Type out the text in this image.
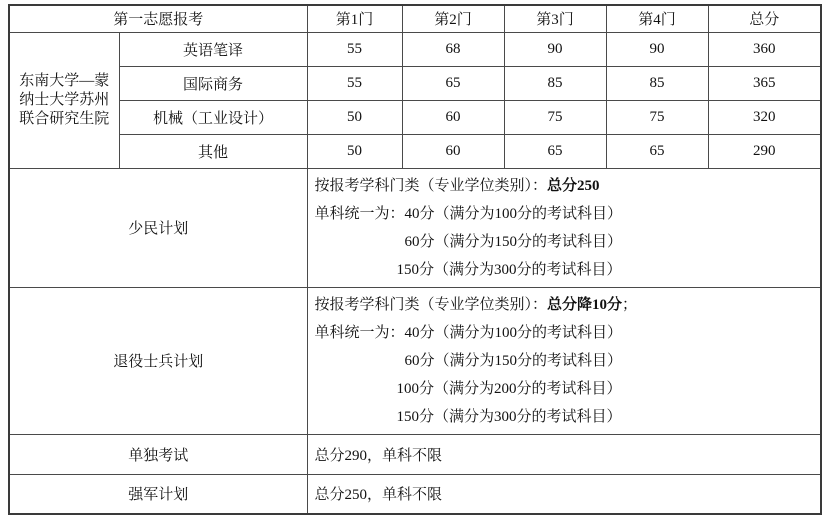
第一志愿报考		第1门	第2门	第3门	第4门	总分

东南大学—蒙
纳士大学苏州
联合研究生院	英语笔译	55	68	90	90	360
	国际商务	55	65	85	85	365
	机械（工业设计）	50	60	75	75	320
	其他	50	60	65	65	290
少民计划		按报考学科门类（专业学位类别）：总分250
单科统一为：40分（满分为100分的考试科目）
60分（满分为150分的考试科目）
150分（满分为300分的考试科目）				

退役士兵计划		按报考学科门类（专业学位类别）：总分降10分；
单科统一为：40分（满分为100分的考试科目）
60分（满分为150分的考试科目）
100分（满分为200分的考试科目）
150分（满分为300分的考试科目）				

单独考试		总分290，单科不限				
强军计划		总分250，单科不限				
